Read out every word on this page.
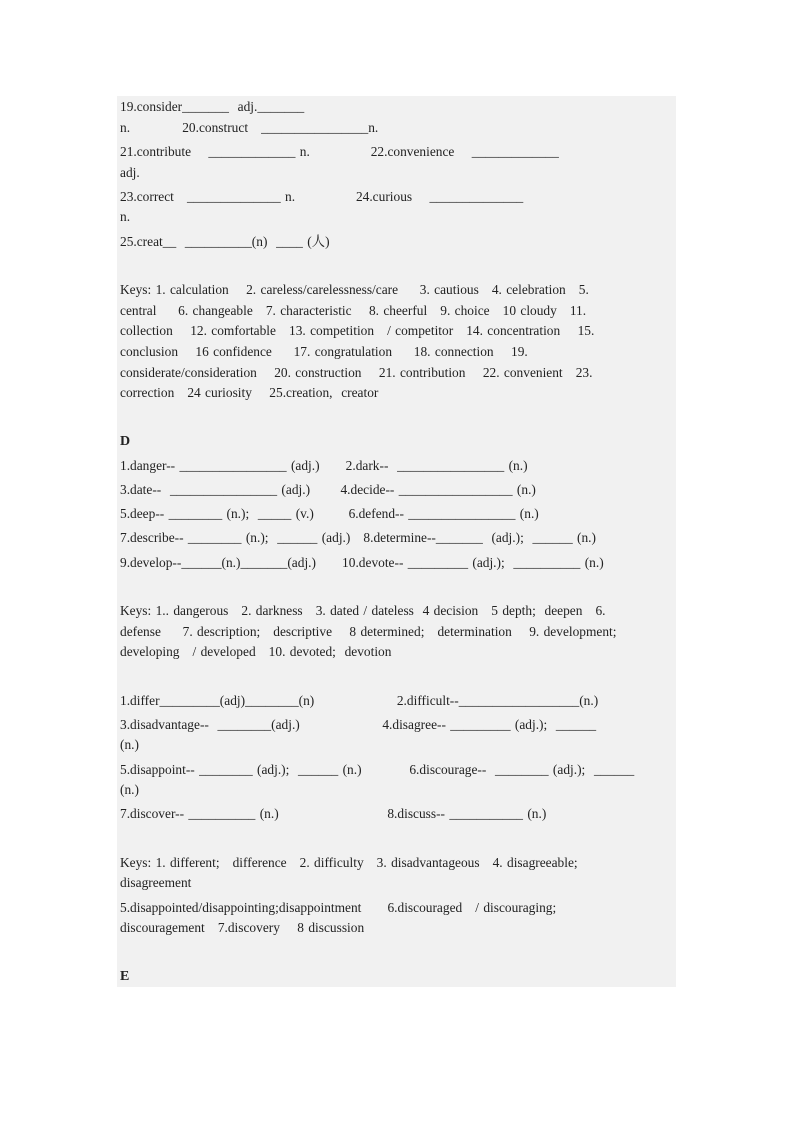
19.consider_______  adj._______
n.            20.construct   ________________n.
21.contribute    _____________ n.              22.convenience    _____________
adj.
23.correct   ______________ n.              24.curious    ______________
n.
25.creat__  __________(n)  ____ (人)
Keys: 1. calculation    2. careless/carelessness/care     3. cautious   4. celebration   5.
central     6. changeable   7. characteristic    8. cheerful   9. choice   10 cloudy   11.
collection    12. comfortable   13. competition   / competitor   14. concentration    15.
conclusion    16 confidence     17. congratulation     18. connection    19.
considerate/consideration    20. construction    21. contribution    22. convenient   23.
correction   24 curiosity    25.creation,  creator
D
1.danger-- ________________ (adj.)      2.dark--  ________________ (n.)
3.date--  ________________ (adj.)       4.decide-- _________________ (n.)
5.deep-- ________ (n.);  _____ (v.)        6.defend-- ________________ (n.)
7.describe-- ________ (n.);  ______ (adj.)   8.determine--_______  (adj.);  ______ (n.)
9.develop--______(n.)_______(adj.)      10.devote-- _________ (adj.);  __________ (n.)
Keys: 1.. dangerous   2. darkness   3. dated / dateless  4 decision   5 depth;  deepen   6.
defense     7. description;   descriptive    8 determined;   determination    9. development;
developing   / developed   10. devoted;  devotion
1.differ_________(adj)________(n)                   2.difficult--__________________(n.)
3.disadvantage--  ________(adj.)                   4.disagree-- _________ (adj.);  ______
(n.)
5.disappoint-- ________ (adj.);  ______ (n.)           6.discourage--  ________ (adj.);  ______
(n.)
7.discover-- __________ (n.)                         8.discuss-- ___________ (n.)
Keys: 1. different;   difference   2. difficulty   3. disadvantageous   4. disagreeable;
disagreement
5.disappointed/disappointing;disappointment      6.discouraged   / discouraging;
discouragement   7.discovery    8 discussion
E
